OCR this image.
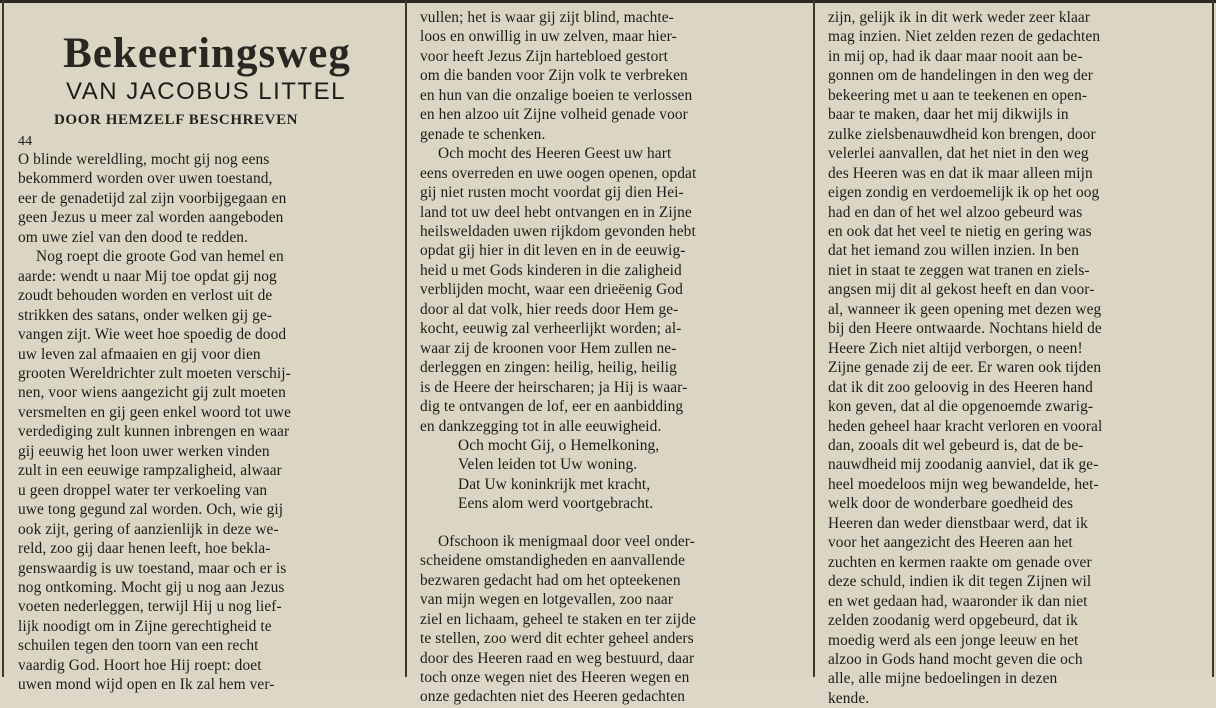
Bekeeringsweg
VAN JACOBUS LITTEL
DOOR HEMZELF BESCHREVEN
44
O blinde wereldling, mocht gij nog eens
bekommerd worden over uwen toestand,
eer de genadetijd zal zijn voorbijgegaan en
geen Jezus u meer zal worden aangeboden
om uwe ziel van den dood te redden.
Nog roept die groote God van hemel en
aarde: wendt u naar Mij toe opdat gij nog
zoudt behouden worden en verlost uit de
strikken des satans, onder welken gij ge-
vangen zijt. Wie weet hoe spoedig de dood
uw leven zal afmaaien en gij voor dien
grooten Wereldrichter zult moeten verschij-
nen, voor wiens aangezicht gij zult moeten
versmelten en gij geen enkel woord tot uwe
verdediging zult kunnen inbrengen en waar
gij eeuwig het loon uwer werken vinden
zult in een eeuwige rampzaligheid, alwaar
u geen droppel water ter verkoeling van
uwe tong gegund zal worden. Och, wie gij
ook zijt, gering of aanzienlijk in deze we-
reld, zoo gij daar henen leeft, hoe bekla-
genswaardig is uw toestand, maar och er is
nog ontkoming. Mocht gij u nog aan Jezus
voeten nederleggen, terwijl Hij u nog lief-
lijk noodigt om in Zijne gerechtigheid te
schuilen tegen den toorn van een recht
vaardig God. Hoort hoe Hij roept: doet
uwen mond wijd open en Ik zal hem ver-
vullen; het is waar gij zijt blind, machte-
loos en onwillig in uw zelven, maar hier-
voor heeft Jezus Zijn hartebloed gestort
om die banden voor Zijn volk te verbreken
en hun van die onzalige boeien te verlossen
en hen alzoo uit Zijne volheid genade voor
genade te schenken.
Och mocht des Heeren Geest uw hart
eens overreden en uwe oogen openen, opdat
gij niet rusten mocht voordat gij dien Hei-
land tot uw deel hebt ontvangen en in Zijne
heilsweldaden uwen rijkdom gevonden hebt
opdat gij hier in dit leven en in de eeuwig-
heid u met Gods kinderen in die zaligheid
verblijden mocht, waar een drieëenig God
door al dat volk, hier reeds door Hem ge-
kocht, eeuwig zal verheerlijkt worden; al-
waar zij de kroonen voor Hem zullen ne-
derleggen en zingen: heilig, heilig, heilig
is de Heere der heirscharen; ja Hij is waar-
dig te ontvangen de lof, eer en aanbidding
en dankzegging tot in alle eeuwigheid.
Och mocht Gij, o Hemelkoning,
Velen leiden tot Uw woning.
Dat Uw koninkrijk met kracht,
Eens alom werd voortgebracht.
Ofschoon ik menigmaal door veel onder-
scheidene omstandigheden en aanvallende
bezwaren gedacht had om het opteekenen
van mijn wegen en lotgevallen, zoo naar
ziel en lichaam, geheel te staken en ter zijde
te stellen, zoo werd dit echter geheel anders
door des Heeren raad en weg bestuurd, daar
toch onze wegen niet des Heeren wegen en
onze gedachten niet des Heeren gedachten
zijn, gelijk ik in dit werk weder zeer klaar
mag inzien. Niet zelden rezen de gedachten
in mij op, had ik daar maar nooit aan be-
gonnen om de handelingen in den weg der
bekeering met u aan te teekenen en open-
baar te maken, daar het mij dikwijls in
zulke zielsbenauwdheid kon brengen, door
velerlei aanvallen, dat het niet in den weg
des Heeren was en dat ik maar alleen mijn
eigen zondig en verdoemelijk ik op het oog
had en dan of het wel alzoo gebeurd was
en ook dat het veel te nietig en gering was
dat het iemand zou willen inzien. In ben
niet in staat te zeggen wat tranen en ziels-
angsen mij dit al gekost heeft en dan voor-
al, wanneer ik geen opening met dezen weg
bij den Heere ontwaarde. Nochtans hield de
Heere Zich niet altijd verborgen, o neen!
Zijne genade zij de eer. Er waren ook tijden
dat ik dit zoo geloovig in des Heeren hand
kon geven, dat al die opgenoemde zwarig-
heden geheel haar kracht verloren en vooral
dan, zooals dit wel gebeurd is, dat de be-
nauwdheid mij zoodanig aanviel, dat ik ge-
heel moedeloos mijn weg bewandelde, het-
welk door de wonderbare goedheid des
Heeren dan weder dienstbaar werd, dat ik
voor het aangezicht des Heeren aan het
zuchten en kermen raakte om genade over
deze schuld, indien ik dit tegen Zijnen wil
en wet gedaan had, waaronder ik dan niet
zelden zoodanig werd opgebeurd, dat ik
moedig werd als een jonge leeuw en het
alzoo in Gods hand mocht geven die och
alle, alle mijne bedoelingen in dezen
kende.
